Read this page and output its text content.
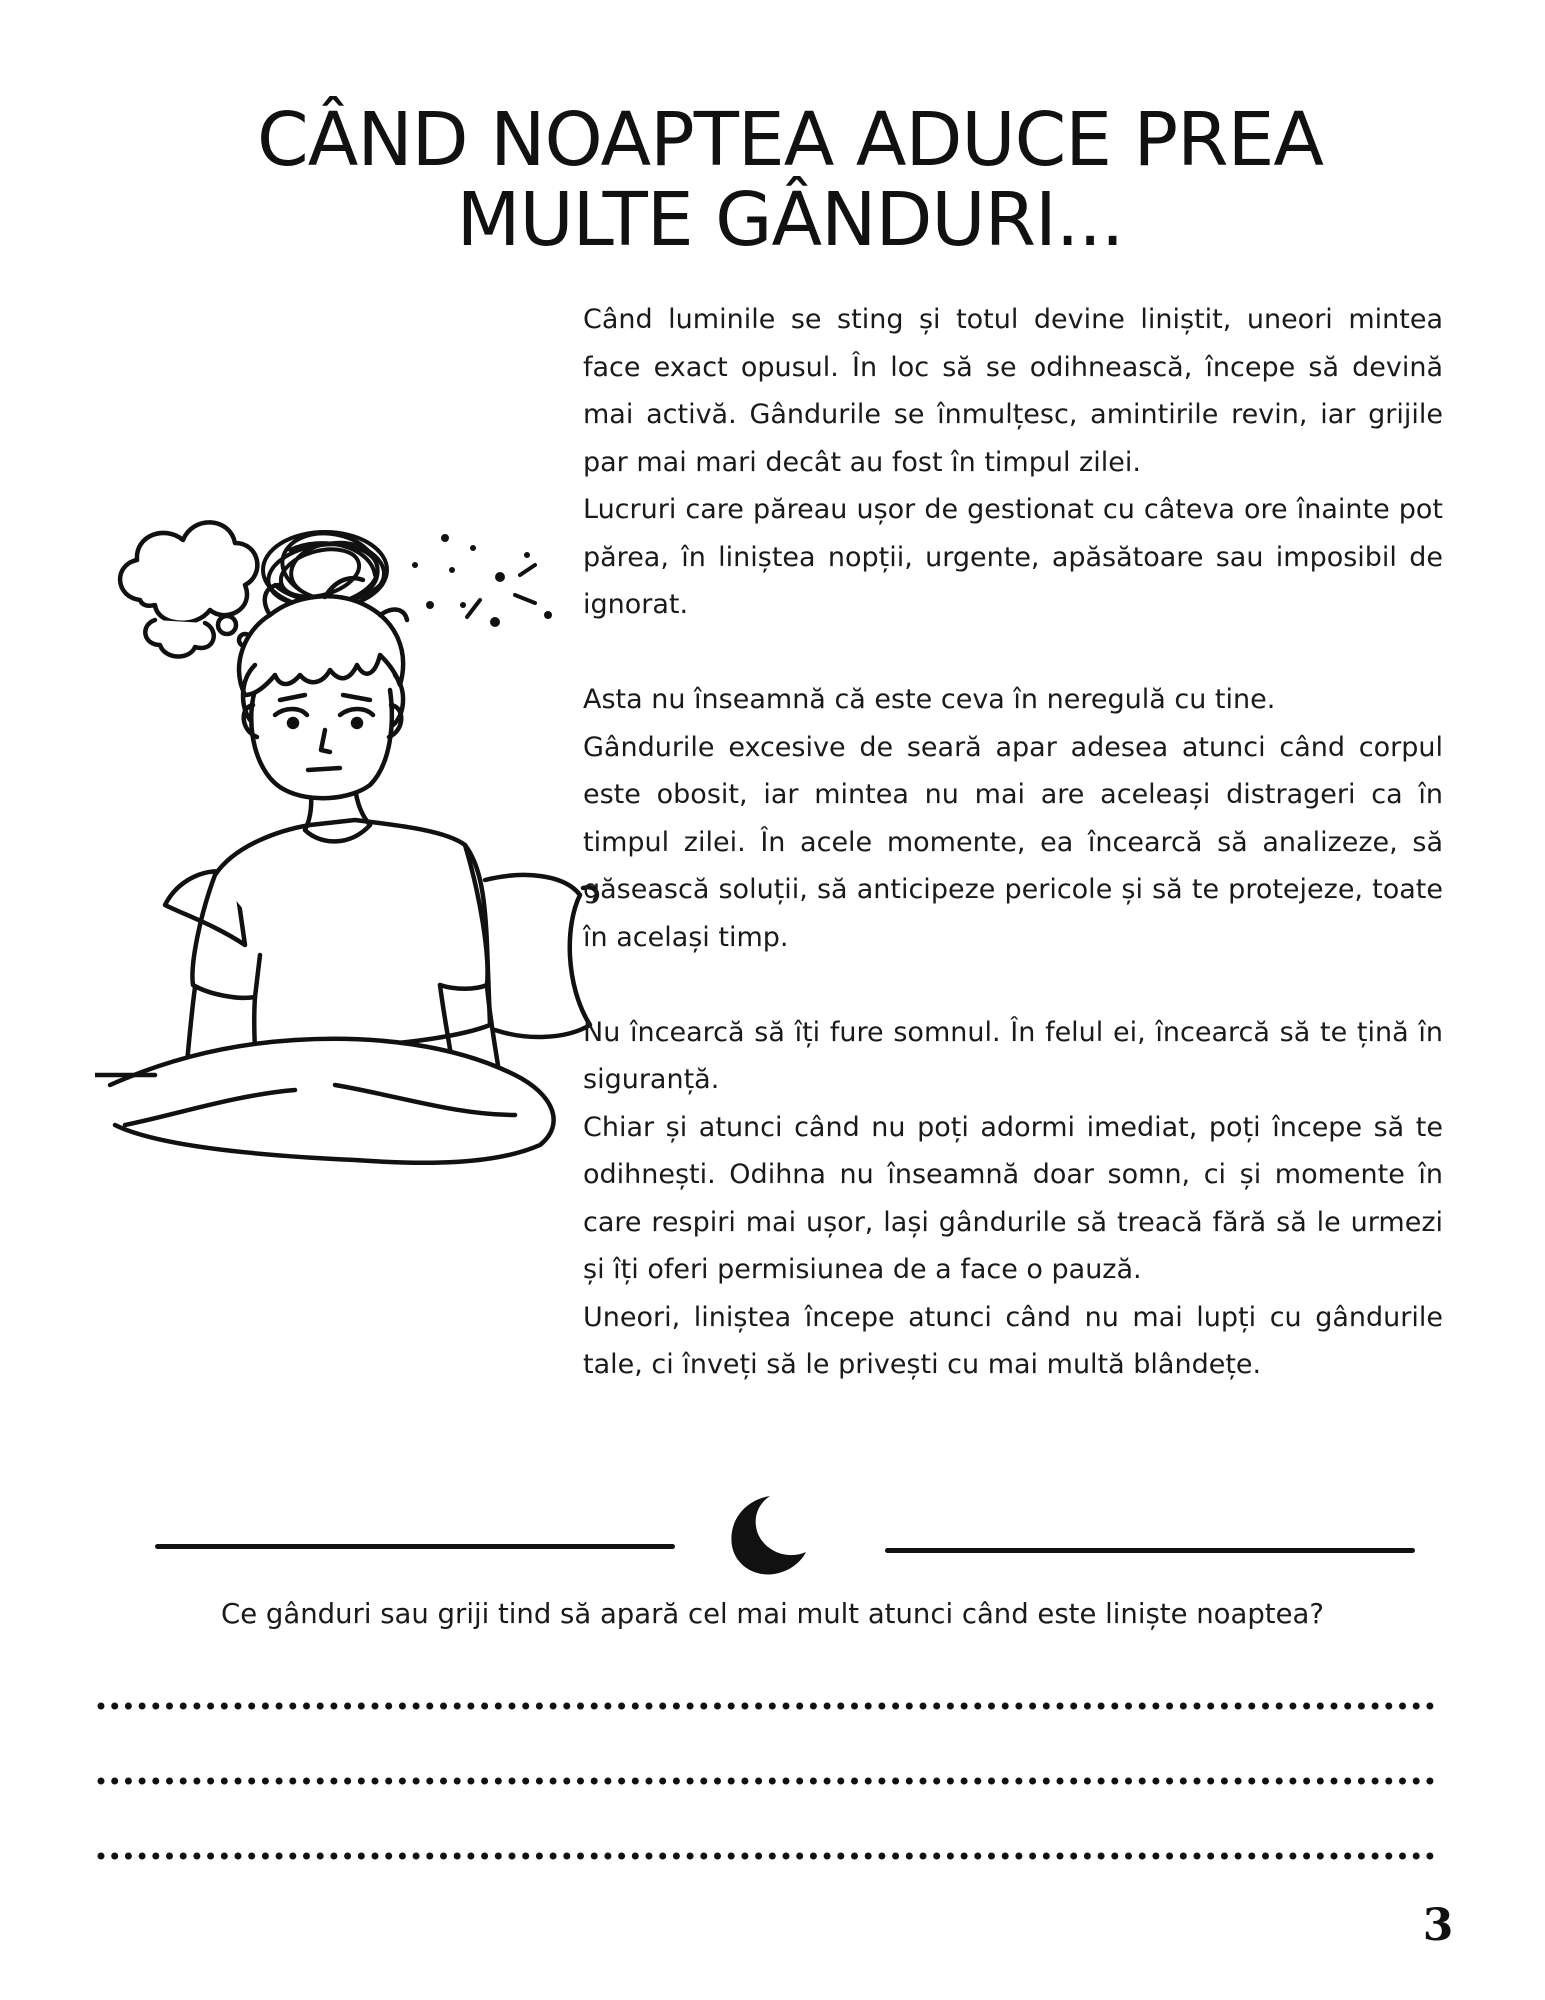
CÂND NOAPTEA ADUCE PREA
MULTE GÂNDURI...

Când luminile se sting și totul devine liniștit, uneori mintea face exact opusul. În loc să se odihnească, începe să devină mai activă. Gândurile se înmulțesc, amintirile revin, iar grijile par mai mari decât au fost în timpul zilei.

Lucruri care păreau ușor de gestionat cu câteva ore înainte pot părea, în liniștea nopții, urgente, apăsătoare sau imposibil de ignorat.

Asta nu înseamnă că este ceva în neregulă cu tine.

Gândurile excesive de seară apar adesea atunci când corpul este obosit, iar mintea nu mai are aceleași distrageri ca în timpul zilei. În acele momente, ea încearcă să analizeze, să găsească soluții, să anticipeze pericole și să te protejeze, toate în același timp.

Nu încearcă să îți fure somnul. În felul ei, încearcă să te țină în siguranță.

Chiar și atunci când nu poți adormi imediat, poți începe să te odihnești. Odihna nu înseamnă doar somn, ci și momente în care respiri mai ușor, lași gândurile să treacă fără să le urmezi și îți oferi permisiunea de a face o pauză.

Uneori, liniștea începe atunci când nu mai lupți cu gândurile tale, ci înveți să le privești cu mai multă blândețe.

Ce gânduri sau griji tind să apară cel mai mult atunci când este liniște noaptea?
3
